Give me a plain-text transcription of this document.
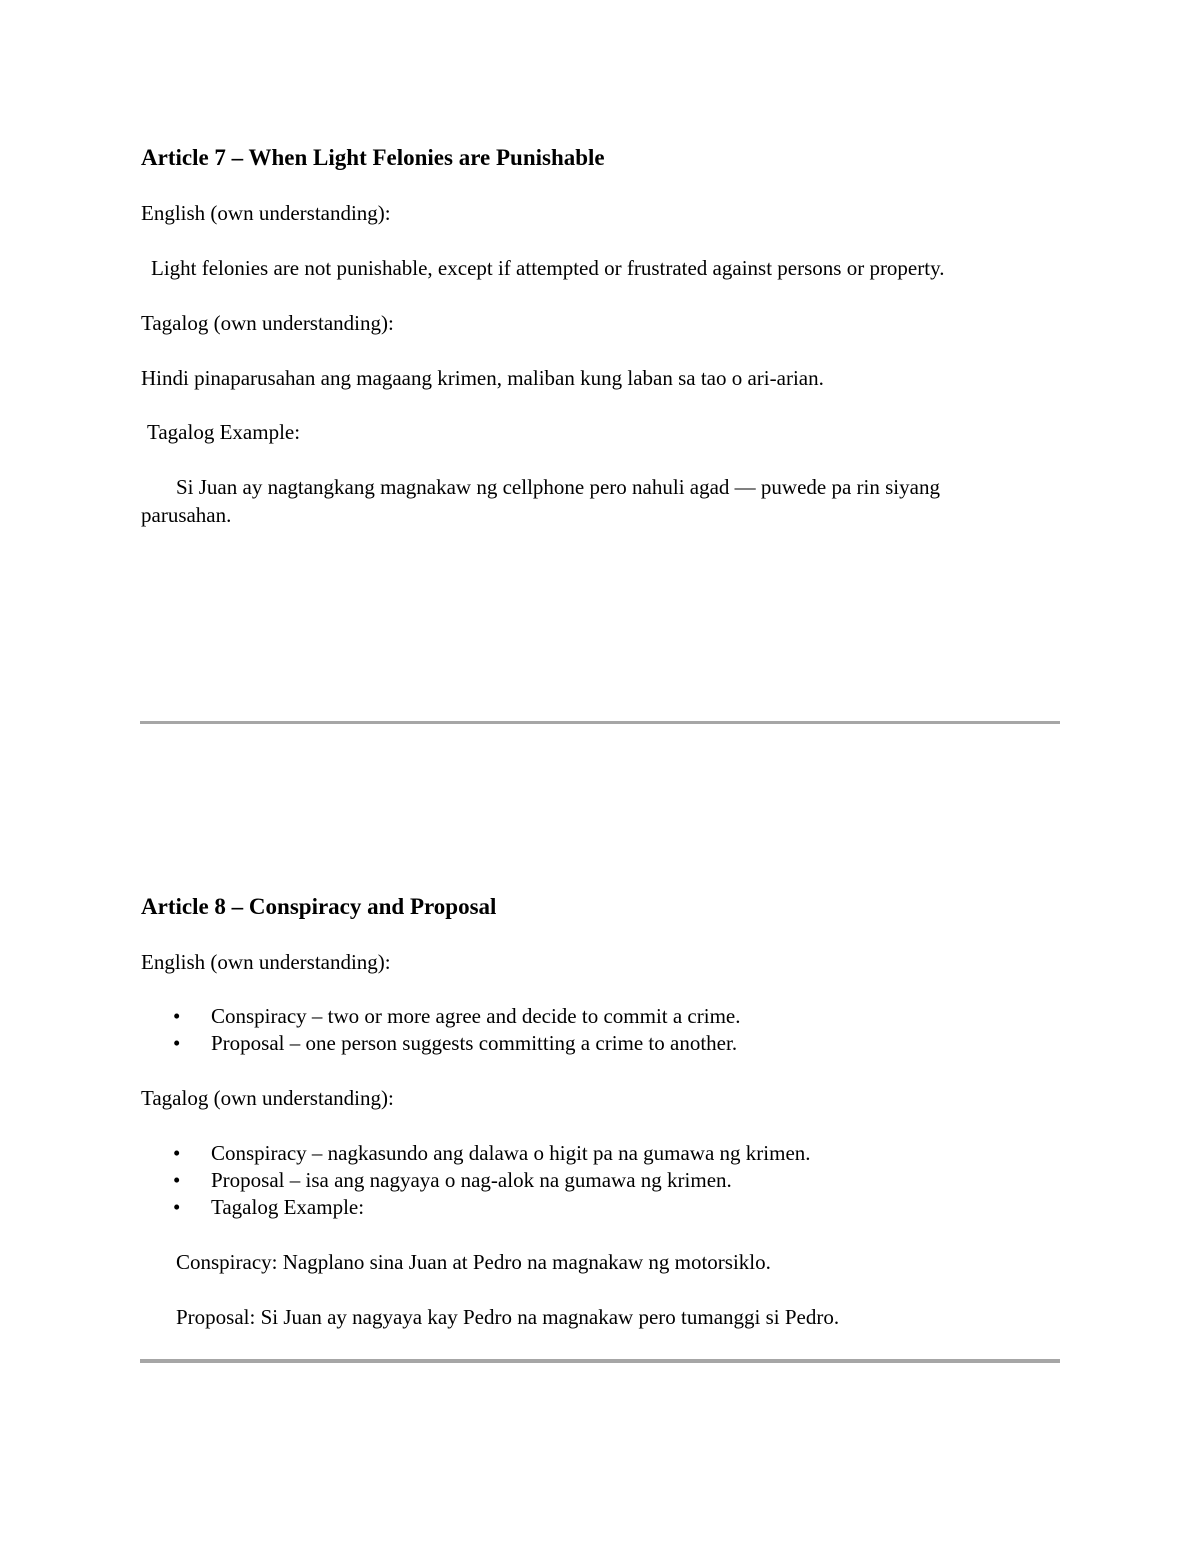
Article 7 – When Light Felonies are Punishable
English (own understanding):
Light felonies are not punishable, except if attempted or frustrated against persons or property.
Tagalog (own understanding):
Hindi pinaparusahan ang magaang krimen, maliban kung laban sa tao o ari-arian.
Tagalog Example:
Si Juan ay nagtangkang magnakaw ng cellphone pero nahuli agad — puwede pa rin siyang
parusahan.
Article 8 – Conspiracy and Proposal
English (own understanding):
• Conspiracy – two or more agree and decide to commit a crime.
• Proposal – one person suggests committing a crime to another.
Tagalog (own understanding):
• Conspiracy – nagkasundo ang dalawa o higit pa na gumawa ng krimen.
• Proposal – isa ang nagyaya o nag-alok na gumawa ng krimen.
• Tagalog Example:
Conspiracy: Nagplano sina Juan at Pedro na magnakaw ng motorsiklo.
Proposal: Si Juan ay nagyaya kay Pedro na magnakaw pero tumanggi si Pedro.
